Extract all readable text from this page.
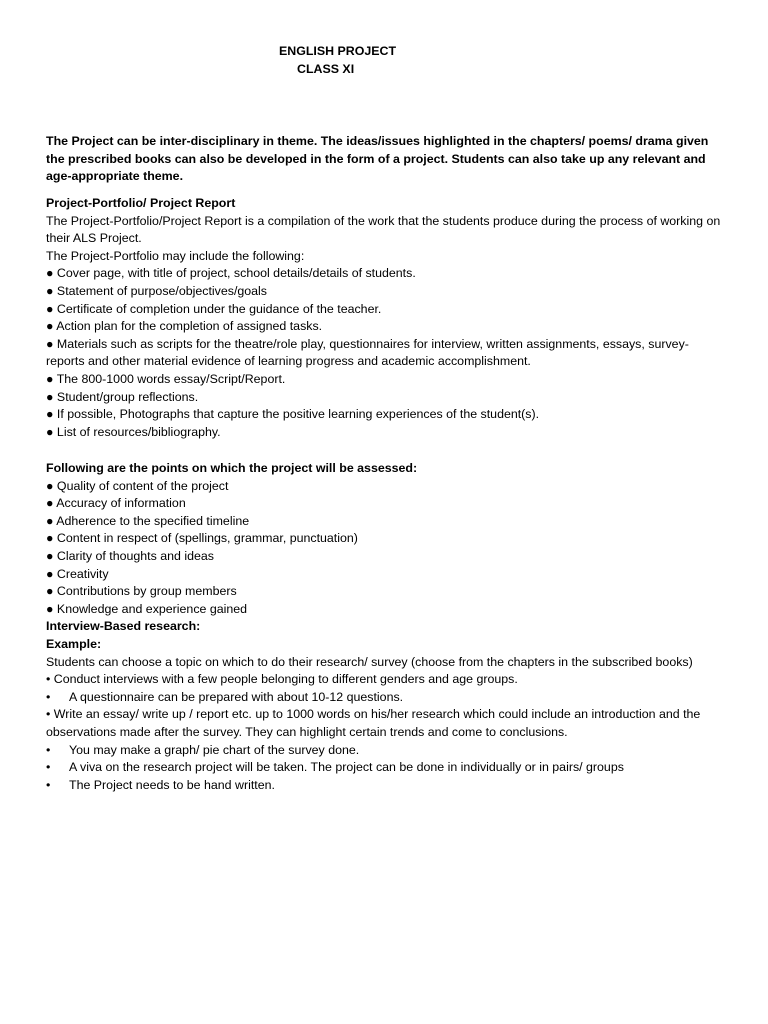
ENGLISH PROJECT
CLASS XI
The Project can be inter-disciplinary in theme. The ideas/issues highlighted in the chapters/ poems/ drama given the prescribed books can also be developed in the form of a project. Students can also take up any relevant and age-appropriate theme.
Project-Portfolio/ Project Report
The Project-Portfolio/Project Report is a compilation of the work that the students produce during the process of working on their ALS Project.
The Project-Portfolio may include the following:
● Cover page, with title of project, school details/details of students.
● Statement of purpose/objectives/goals
● Certificate of completion under the guidance of the teacher.
● Action plan for the completion of assigned tasks.
● Materials such as scripts for the theatre/role play, questionnaires for interview, written assignments, essays, survey-reports and other material evidence of learning progress and academic accomplishment.
● The 800-1000 words essay/Script/Report.
● Student/group reflections.
● If possible, Photographs that capture the positive learning experiences of the student(s).
● List of resources/bibliography.
Following are the points on which the project will be assessed:
● Quality of content of the project
● Accuracy of information
● Adherence to the specified timeline
● Content in respect of (spellings, grammar, punctuation)
● Clarity of thoughts and ideas
● Creativity
● Contributions by group members
● Knowledge and experience gained
Interview-Based research:
Example:
Students can choose a topic on which to do their research/ survey (choose from the chapters in the subscribed books)
• Conduct interviews with a few people belonging to different genders and age groups.
• A questionnaire can be prepared with about 10-12 questions.
• Write an essay/ write up / report etc. up to 1000 words on his/her research which could include an introduction and the observations made after the survey. They can highlight certain trends and come to conclusions.
• You may make a graph/ pie chart of the survey done.
• A viva on the research project will be taken. The project can be done in individually or in pairs/ groups
• The Project needs to be hand written.
